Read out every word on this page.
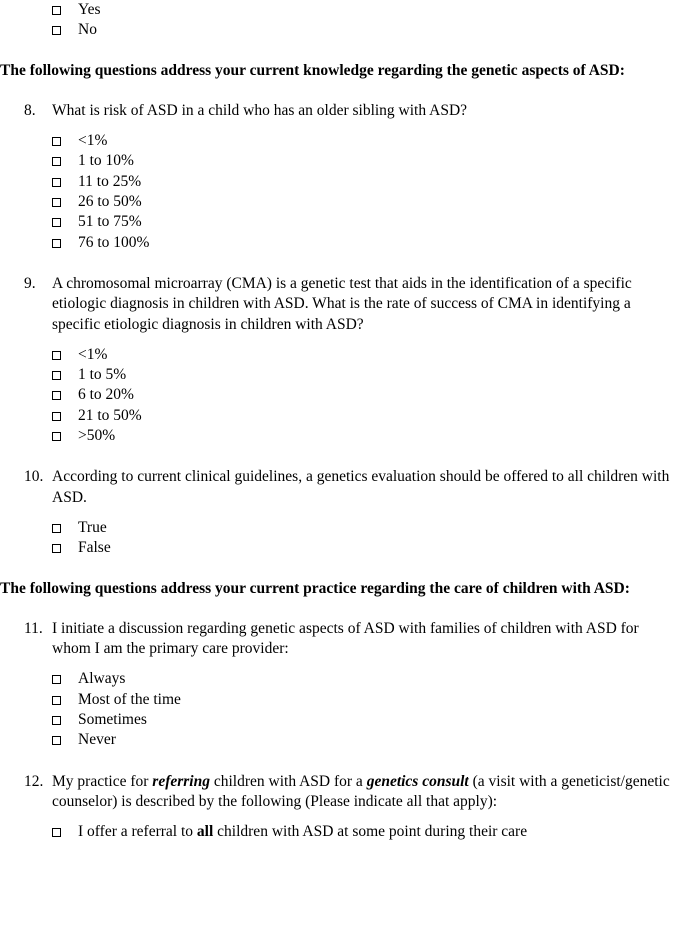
Yes
No

The following questions address your current knowledge regarding the genetic aspects of ASD:

8.	What is risk of ASD in a child who has an older sibling with ASD?
<1%
1 to 10%
11 to 25%
26 to 50%
51 to 75%
76 to 100%
9.	A chromosomal microarray (CMA) is a genetic test that aids in the identification of a specific etiologic diagnosis in children with ASD. What is the rate of success of CMA in identifying a specific etiologic diagnosis in children with ASD?
<1%
1 to 5%
6 to 20%
21 to 50%
>50%
10. According to current clinical guidelines, a genetics evaluation should be offered to all children with ASD.
True
False

The following questions address your current practice regarding the care of children with ASD:

11. I initiate a discussion regarding genetic aspects of ASD with families of children with ASD for whom I am the primary care provider:
Always
Most of the time
Sometimes
Never
12. My practice for referring children with ASD for a genetics consult (a visit with a geneticist/genetic counselor) is described by the following (Please indicate all that apply):
I offer a referral to all children with ASD at some point during their care
